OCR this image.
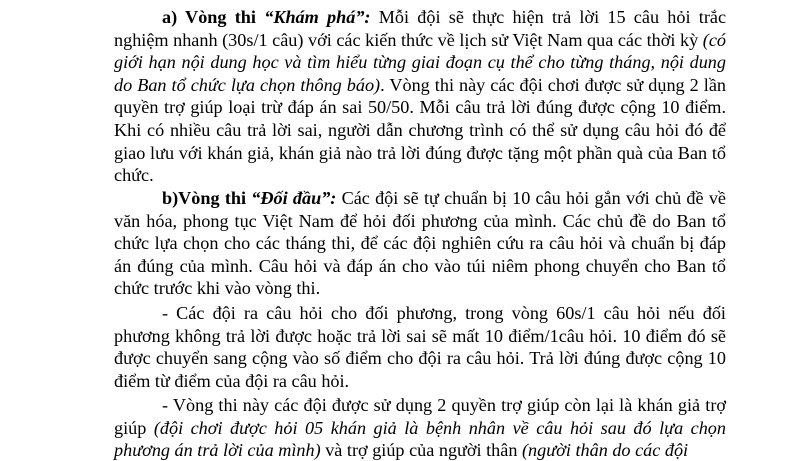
a) Vòng thi “Khám phá”: Mỗi đội sẽ thực hiện trả lời 15 câu hỏi trắc nghiệm nhanh (30s/1 câu) với các kiến thức về lịch sử Việt Nam qua các thời kỳ (có giới hạn nội dung học và tìm hiểu từng giai đoạn cụ thể cho từng tháng, nội dung do Ban tổ chức lựa chọn thông báo). Vòng thi này các đội chơi được sử dụng 2 lần quyền trợ giúp loại trừ đáp án sai 50/50. Mỗi câu trả lời đúng được cộng 10 điểm. Khi có nhiều câu trả lời sai, người dẫn chương trình có thể sử dụng câu hỏi đó để giao lưu với khán giả, khán giả nào trả lời đúng được tặng một phần quà của Ban tổ chức.

b)Vòng thi “Đối đầu”: Các đội sẽ tự chuẩn bị 10 câu hỏi gắn với chủ đề về văn hóa, phong tục Việt Nam để hỏi đối phương của mình. Các chủ đề do Ban tổ chức lựa chọn cho các tháng thi, để các đội nghiên cứu ra câu hỏi và chuẩn bị đáp án đúng của mình. Câu hỏi và đáp án cho vào túi niêm phong chuyển cho Ban tổ chức trước khi vào vòng thi.

- Các đội ra câu hỏi cho đối phương, trong vòng 60s/1 câu hỏi nếu đối phương không trả lời được hoặc trả lời sai sẽ mất 10 điểm/1câu hỏi. 10 điểm đó sẽ được chuyển sang cộng vào số điểm cho đội ra câu hỏi. Trả lời đúng được cộng 10 điểm từ điểm của đội ra câu hỏi.

- Vòng thi này các đội được sử dụng 2 quyền trợ giúp còn lại là khán giả trợ giúp (đội chơi được hỏi 05 khán giả là bệnh nhân về câu hỏi sau đó lựa chọn phương án trả lời của mình) và trợ giúp của người thân (người thân do các đội
